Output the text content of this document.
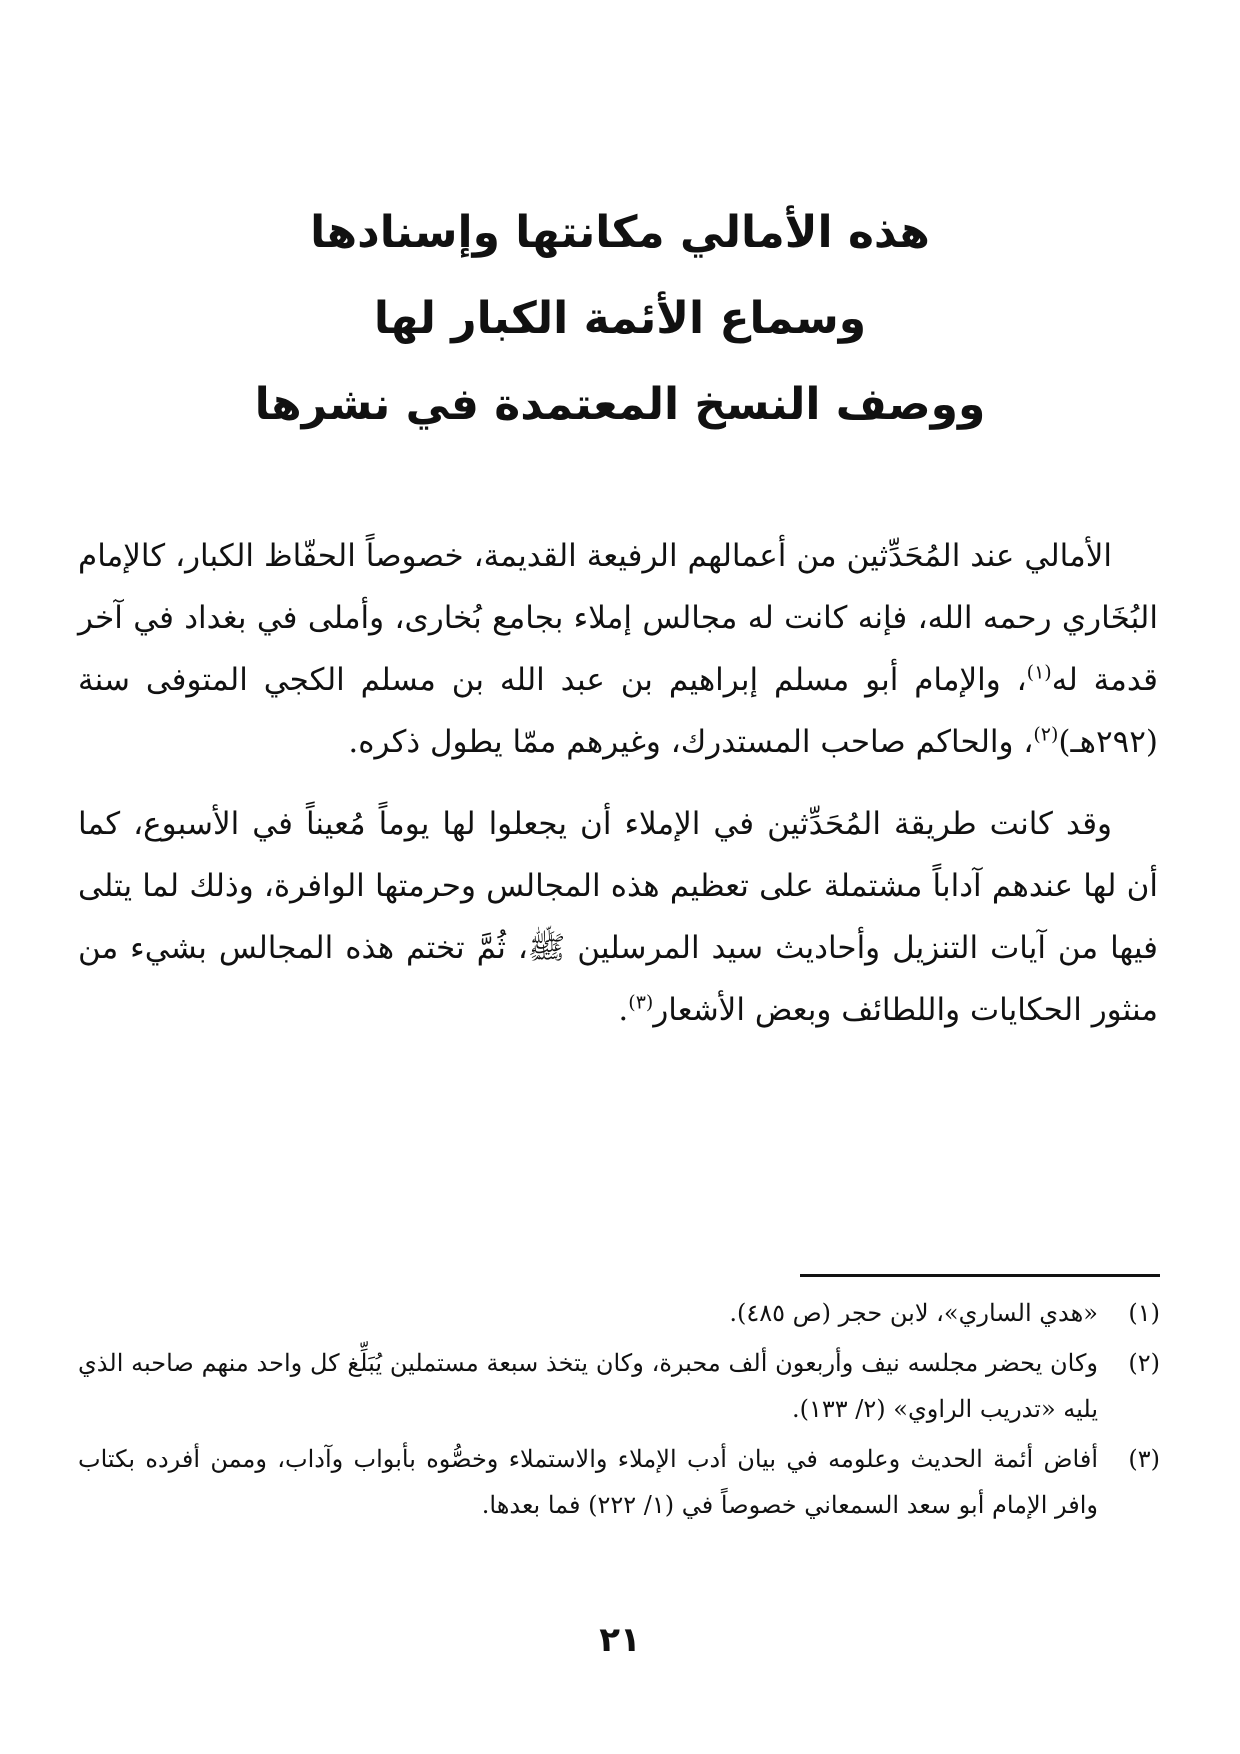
هذه الأمالي مكانتها وإسنادها

وسماع الأئمة الكبار لها

ووصف النسخ المعتمدة في نشرها

الأمالي عند المُحَدِّثين من أعمالهم الرفيعة القديمة، خصوصاً الحفّاظ الكبار، كالإمام البُخَاري رحمه الله، فإنه كانت له مجالس إملاء بجامع بُخارى، وأملى في بغداد في آخر قدمة له$^{(١)}$، والإمام أبو مسلم إبراهيم بن عبد الله بن مسلم الكجي المتوفى سنة (٢٩٢هـ)$^{(٢)}$، والحاكم صاحب المستدرك، وغيرهم ممّا يطول ذكره.

وقد كانت طريقة المُحَدِّثين في الإملاء أن يجعلوا لها يوماً مُعيناً في الأسبوع، كما أن لها عندهم آداباً مشتملة على تعظيم هذه المجالس وحرمتها الوافرة، وذلك لما يتلى فيها من آيات التنزيل وأحاديث سيد المرسلين ﷺ، ثُمَّ تختم هذه المجالس بشيء من منثور الحكايات واللطائف وبعض الأشعار$^{(٣)}$.

(١)
«هدي الساري»، لابن حجر (ص ٤٨٥).
(٢)
وكان يحضر مجلسه نيف وأربعون ألف محبرة، وكان يتخذ سبعة مستملين يُبَلِّغ كل واحد منهم صاحبه الذي يليه «تدريب الراوي» (٢/ ١٣٣).
(٣)
أفاض أئمة الحديث وعلومه في بيان أدب الإملاء والاستملاء وخصُّوه بأبواب وآداب، وممن أفرده بكتاب وافر الإمام أبو سعد السمعاني خصوصاً في (١/ ٢٢٢) فما بعدها.
٢١
